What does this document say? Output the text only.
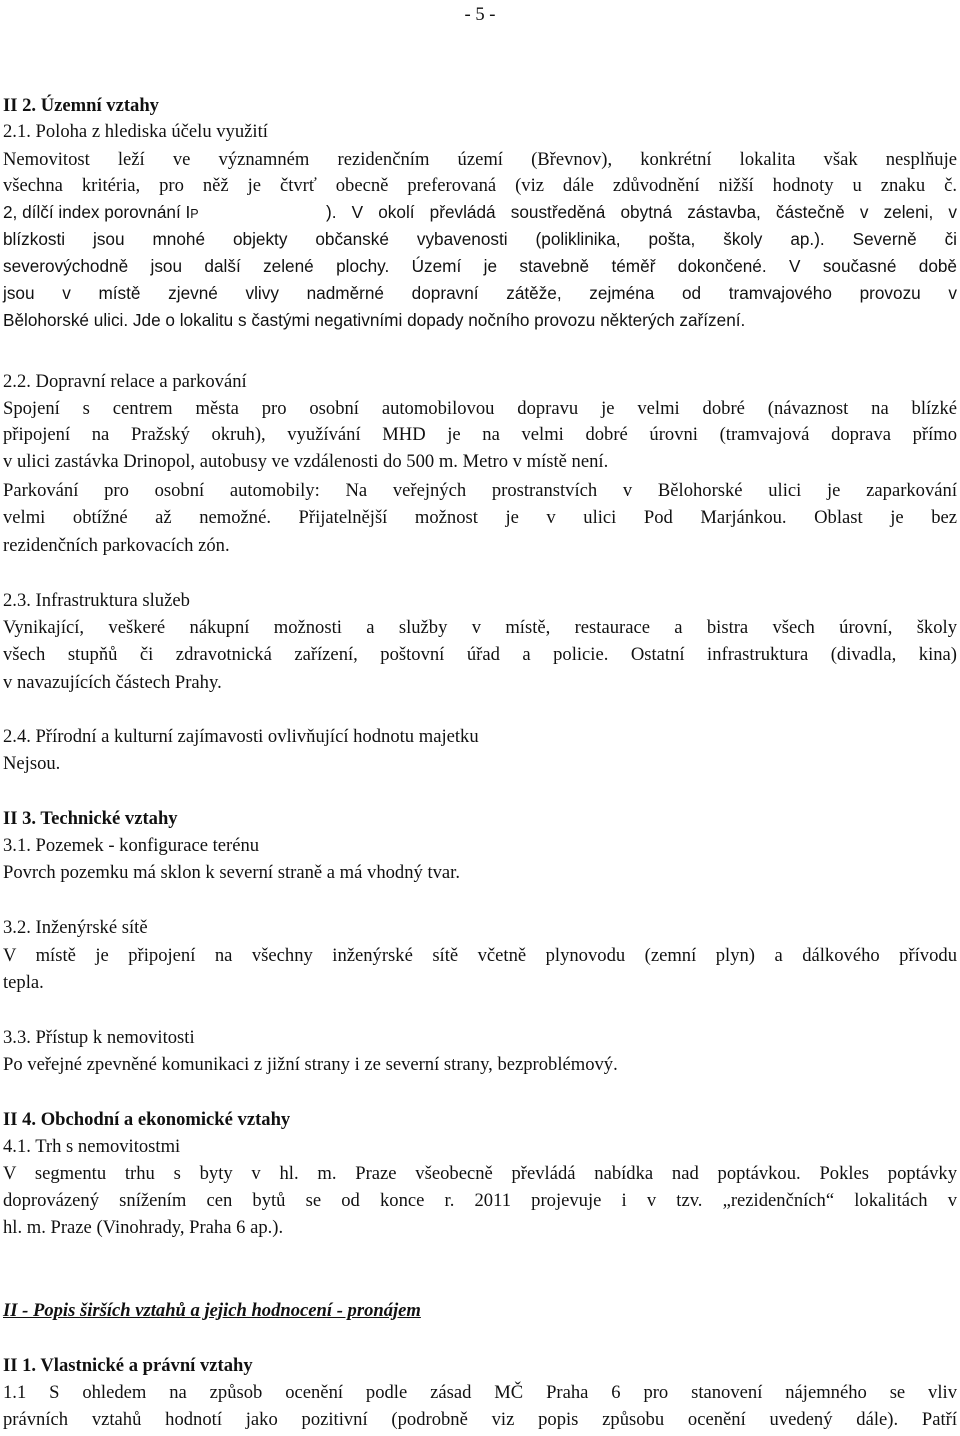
- 5 -
II 2. Územní vztahy
2.1. Poloha z hlediska účelu využití
Nemovitost leží ve významném rezidenčním území (Břevnov), konkrétní lokalita však nesplňuje
všechna kritéria, pro něž je čtvrť obecně preferovaná (viz dále zdůvodnění nižší hodnoty u znaku č.
2, dílčí index porovnání IP	). V okolí převládá soustředěná obytná zástavba, částečně v zeleni, v
blízkosti jsou mnohé objekty občanské vybavenosti (poliklinika, pošta, školy ap.). Severně či
severovýchodně jsou další zelené plochy. Území je stavebně téměř dokončené. V současné době
jsou v místě zjevné vlivy nadměrné dopravní zátěže, zejména od tramvajového provozu v
Bělohorské ulici. Jde o lokalitu s častými negativními dopady nočního provozu některých zařízení.
2.2. Dopravní relace a parkování
Spojení s centrem města pro osobní automobilovou dopravu je velmi dobré (návaznost na blízké
připojení na Pražský okruh), využívání MHD je na velmi dobré úrovni (tramvajová doprava přímo
v ulici zastávka Drinopol, autobusy ve vzdálenosti do 500 m. Metro v místě není.
Parkování pro osobní automobily: Na veřejných prostranstvích v Bělohorské ulici je zaparkování
velmi obtížné až nemožné. Přijatelnější možnost je v ulici Pod Marjánkou. Oblast je bez
rezidenčních parkovacích zón.
2.3. Infrastruktura služeb
Vynikající, veškeré nákupní možnosti a služby v místě, restaurace a bistra všech úrovní, školy
všech stupňů či zdravotnická zařízení, poštovní úřad a policie. Ostatní infrastruktura (divadla, kina)
v navazujících částech Prahy.
2.4. Přírodní a kulturní zajímavosti ovlivňující hodnotu majetku
Nejsou.
II 3. Technické vztahy
3.1. Pozemek - konfigurace terénu
Povrch pozemku má sklon k severní straně a má vhodný tvar.
3.2. Inženýrské sítě
V místě je připojení na všechny inženýrské sítě včetně plynovodu (zemní plyn) a dálkového přívodu
tepla.
3.3. Přístup k nemovitosti
Po veřejné zpevněné komunikaci z jižní strany i ze severní strany, bezproblémový.
II 4. Obchodní a ekonomické vztahy
4.1. Trh s nemovitostmi
V segmentu trhu s byty v hl. m. Praze všeobecně převládá nabídka nad poptávkou. Pokles poptávky
doprovázený snížením cen bytů se od konce r. 2011 projevuje i v tzv. „rezidenčních“ lokalitách v
hl. m. Praze (Vinohrady, Praha 6 ap.).
II - Popis širších vztahů a jejich hodnocení - pronájem
II 1. Vlastnické a právní vztahy
1.1 S ohledem na způsob ocenění podle zásad MČ Praha 6 pro stanovení nájemného se vliv
právních vztahů hodnotí jako pozitivní (podrobně viz popis způsobu ocenění uvedený dále). Patří
